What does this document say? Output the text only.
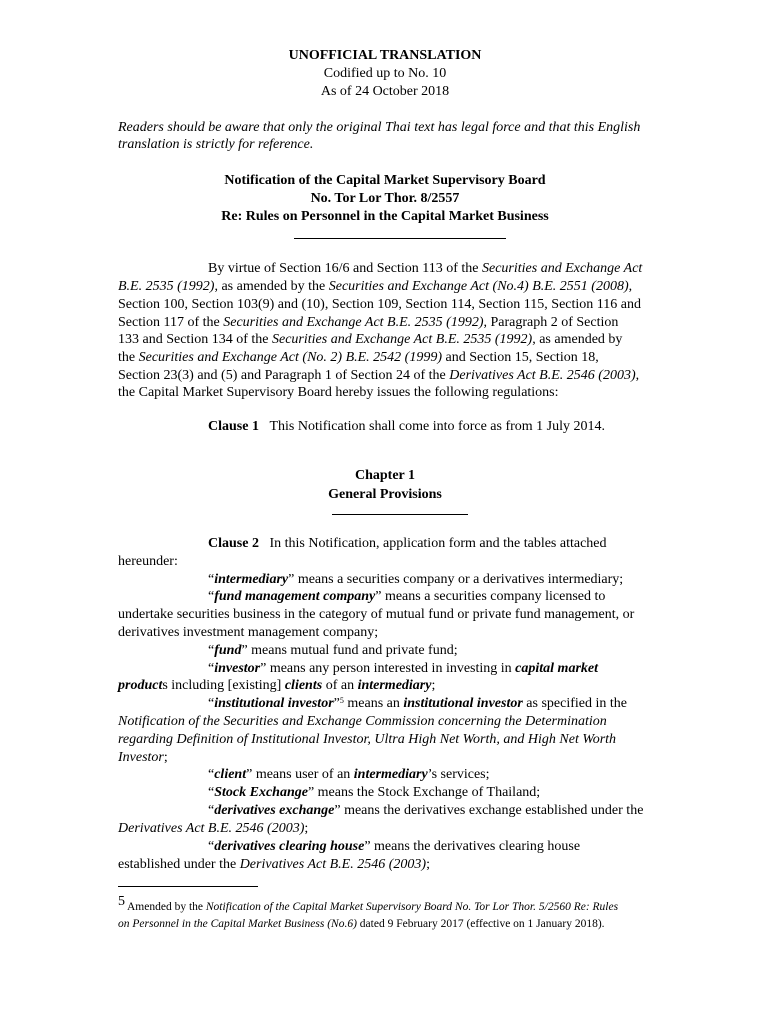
UNOFFICIAL TRANSLATION
Codified up to No. 10
As of 24 October 2018
Readers should be aware that only the original Thai text has legal force and that this English
translation is strictly for reference.
Notification of the Capital Market Supervisory Board
No. Tor Lor Thor. 8/2557
Re: Rules on Personnel in the Capital Market Business
By virtue of Section 16/6 and Section 113 of the Securities and Exchange Act
B.E. 2535 (1992), as amended by the Securities and Exchange Act (No.4) B.E. 2551 (2008),
Section 100, Section 103(9) and (10), Section 109, Section 114, Section 115, Section 116 and
Section 117 of the Securities and Exchange Act B.E. 2535 (1992), Paragraph 2 of Section
133 and Section 134 of the Securities and Exchange Act B.E. 2535 (1992), as amended by
the Securities and Exchange Act (No. 2) B.E. 2542 (1999) and Section 15, Section 18,
Section 23(3) and (5) and Paragraph 1 of Section 24 of the Derivatives Act B.E. 2546 (2003),
the Capital Market Supervisory Board hereby issues the following regulations:
Clause 1 This Notification shall come into force as from 1 July 2014.
Chapter 1
General Provisions
Clause 2 In this Notification, application form and the tables attached
hereunder:
“intermediary” means a securities company or a derivatives intermediary;
“fund management company” means a securities company licensed to
undertake securities business in the category of mutual fund or private fund management, or
derivatives investment management company;
“fund” means mutual fund and private fund;
“investor” means any person interested in investing in capital market
products including [existing] clients of an intermediary;
“institutional investor”$^5$ means an institutional investor as specified in the
Notification of the Securities and Exchange Commission concerning the Determination
regarding Definition of Institutional Investor, Ultra High Net Worth, and High Net Worth
Investor;
“client” means user of an intermediary’s services;
“Stock Exchange” means the Stock Exchange of Thailand;
“derivatives exchange” means the derivatives exchange established under the
Derivatives Act B.E. 2546 (2003);
“derivatives clearing house” means the derivatives clearing house
established under the Derivatives Act B.E. 2546 (2003);
5 Amended by the Notification of the Capital Market Supervisory Board No. Tor Lor Thor. 5/2560 Re: Rules
on Personnel in the Capital Market Business (No.6) dated 9 February 2017 (effective on 1 January 2018).
